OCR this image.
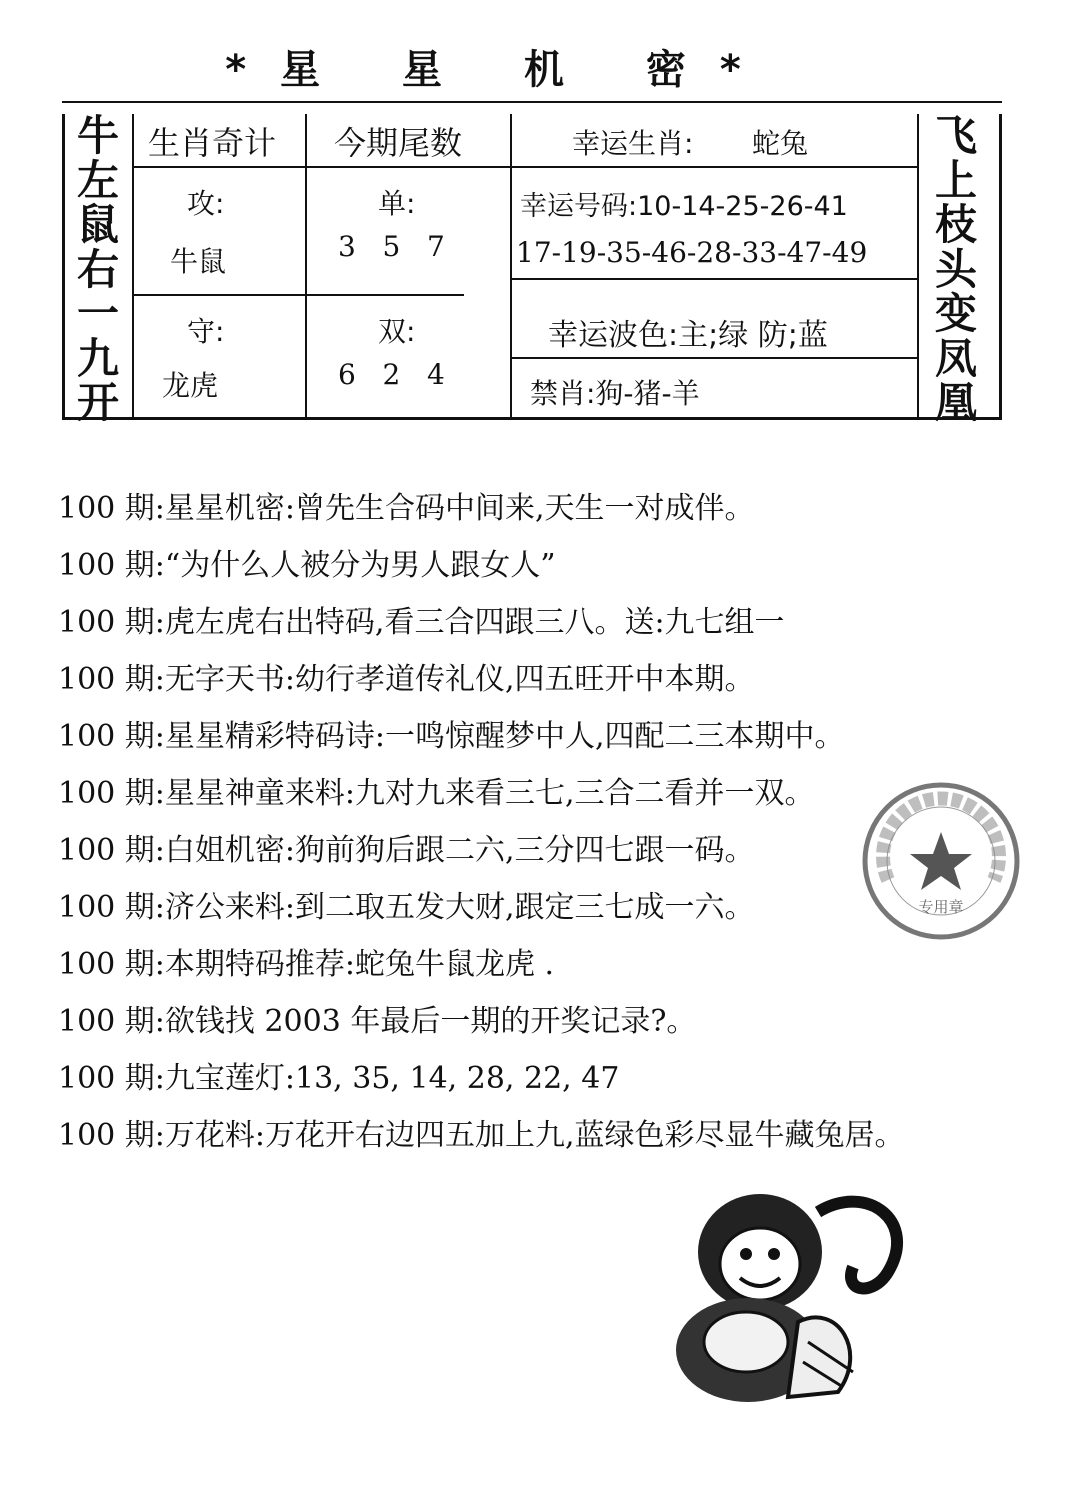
*星 星 机 密*
牛
左
鼠
右
一
九
开
飞
上
枝
头
变
凤
凰
生肖奇计 今期尾数	幸运生肖: 蛇兔
攻:
牛鼠
单:
3   5   7
幸运号码:10-14-25-26-41
17-19-35-46-28-33-47-49
守:
龙虎
双:
6   2   4
幸运波色:主;绿 防;蓝
禁肖:狗-猪-羊
100 期:星星机密:曾先生合码中间来,天生一对成伴。
100 期:“为什么人被分为男人跟女人”
100 期:虎左虎右出特码,看三合四跟三八。送:九七组一
100 期:无字天书:幼行孝道传礼仪,四五旺开中本期。
100 期:星星精彩特码诗:一鸣惊醒梦中人,四配二三本期中。
100 期:星星神童来料:九对九来看三七,三合二看并一双。
100 期:白姐机密:狗前狗后跟二六,三分四七跟一码。
100 期:济公来料:到二取五发大财,跟定三七成一六。
100 期:本期特码推荐:蛇兔牛鼠龙虎 .
100 期:欲钱找 2003 年最后一期的开奖记录?。
100 期:九宝莲灯:13, 35, 14, 28, 22, 47
100 期:万花料:万花开右边四五加上九,蓝绿色彩尽显牛藏兔居。
专用章
